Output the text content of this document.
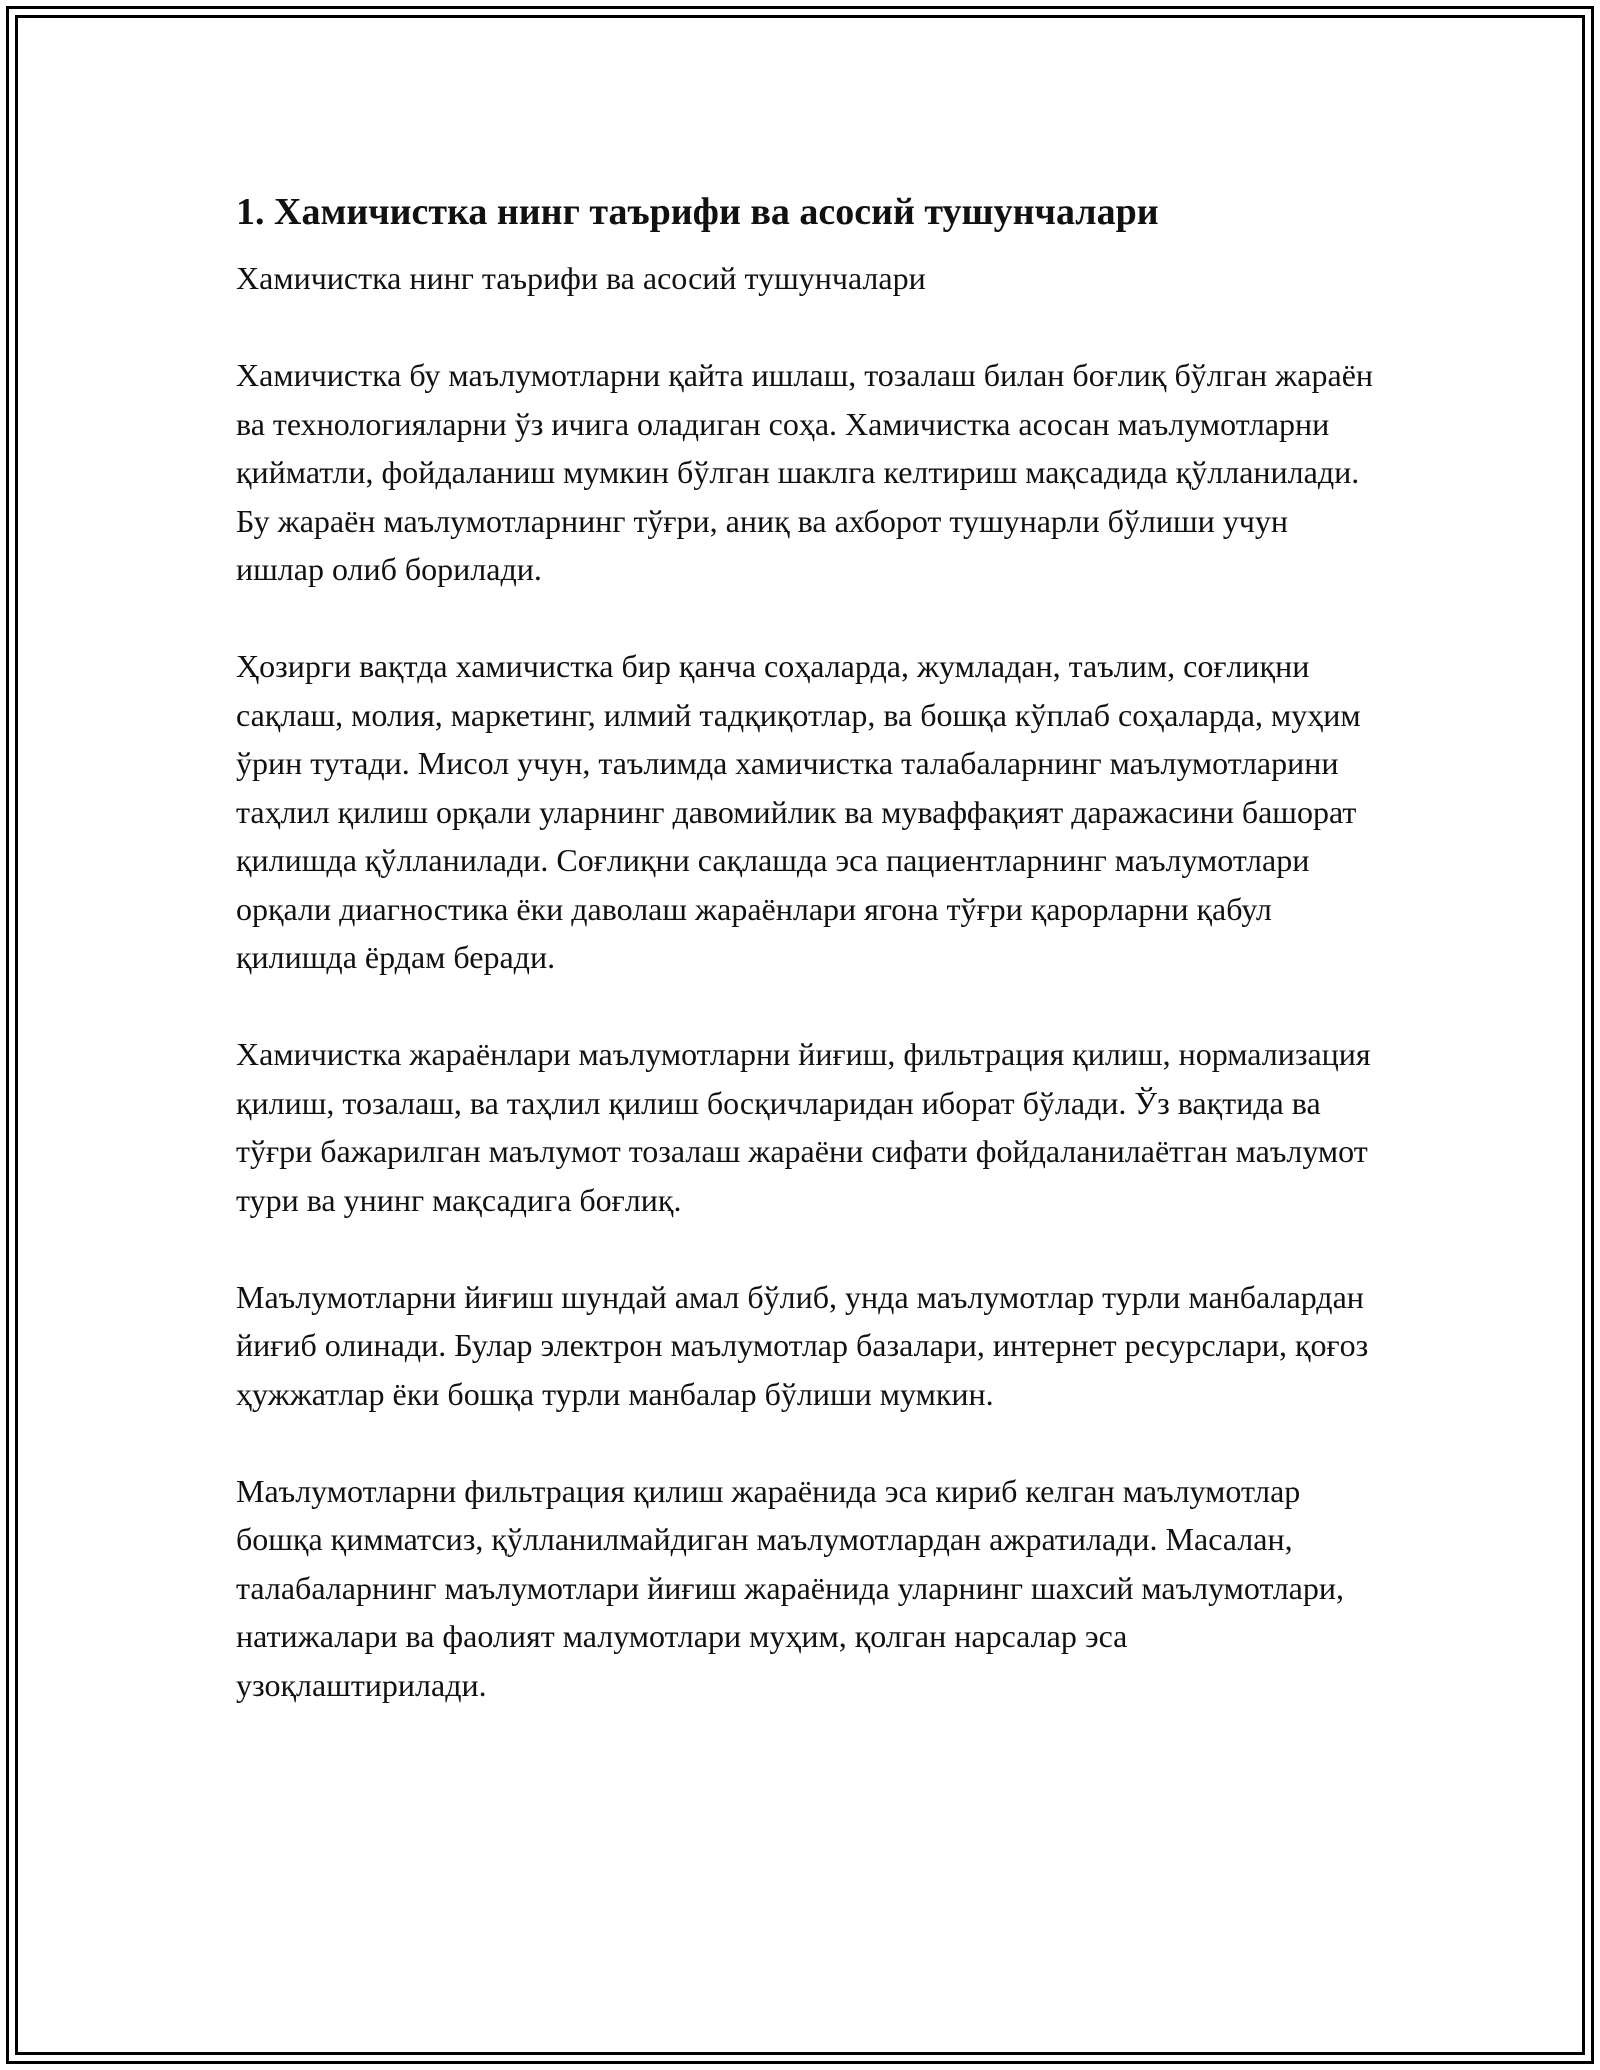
1. Хамичистка нинг таърифи ва асосий тушунчалари

Хамичистка нинг таърифи ва асосий тушунчалари

Хамичистка бу маълумотларни қайта ишлаш, тозалаш билан боғлиқ бўлган жараён ва технологияларни ўз ичига оладиган соҳа. Хамичистка асосан маълумотларни қийматли, фойдаланиш мумкин бўлган шаклга келтириш мақсадида қўлланилади. Бу жараён маълумотларнинг тўғри, аниқ ва ахборот тушунарли бўлиши учун ишлар олиб борилади.

Ҳозирги вақтда хамичистка бир қанча соҳаларда, жумладан, таълим, соғлиқни сақлаш, молия, маркетинг, илмий тадқиқотлар, ва бошқа кўплаб соҳаларда, муҳим ўрин тутади. Мисол учун, таълимда хамичистка талабаларнинг маълумотларини таҳлил қилиш орқали уларнинг давомийлик ва муваффақият даражасини башорат қилишда қўлланилади. Соғлиқни сақлашда эса пациентларнинг маълумотлари орқали диагностика ёки даволаш жараёнлари ягона тўғри қарорларни қабул қилишда ёрдам беради.

Хамичистка жараёнлари маълумотларни йиғиш, фильтрация қилиш, нормализация қилиш, тозалаш, ва таҳлил қилиш босқичларидан иборат бўлади. Ўз вақтида ва тўғри бажарилган маълумот тозалаш жараёни сифати фойдаланилаётган маълумот тури ва унинг мақсадига боғлиқ.

Маълумотларни йиғиш шундай амал бўлиб, унда маълумотлар турли манбалардан йиғиб олинади. Булар электрон маълумотлар базалари, интернет ресурслари, қоғоз ҳужжатлар ёки бошқа турли манбалар бўлиши мумкин.

Маълумотларни фильтрация қилиш жараёнида эса кириб келган маълумотлар бошқа қимматсиз, қўлланилмайдиган маълумотлардан ажратилади. Масалан, талабаларнинг маълумотлари йиғиш жараёнида уларнинг шахсий маълумотлари, натижалари ва фаолият малумотлари муҳим, қолган нарсалар эса узоқлаштирилади.
